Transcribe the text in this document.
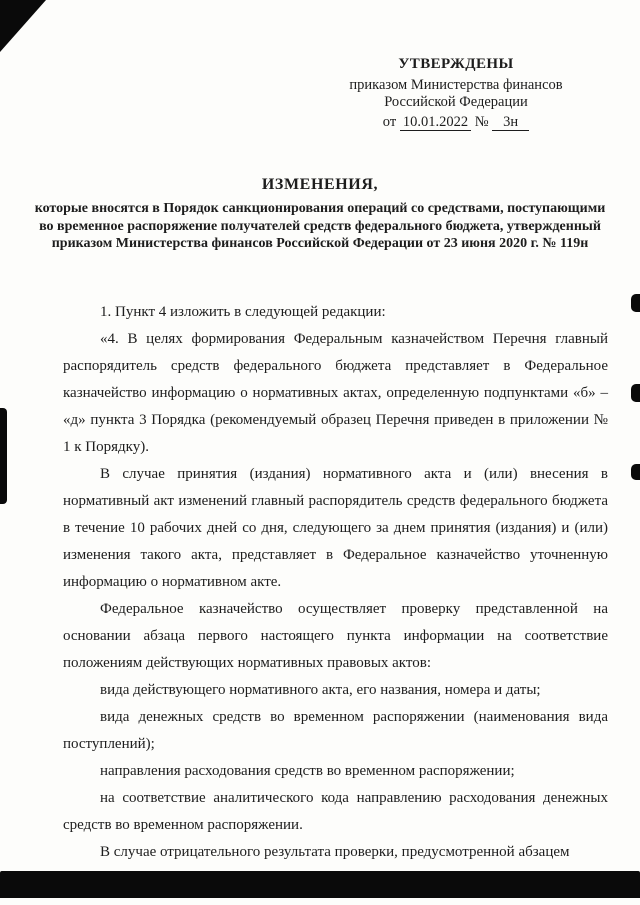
УТВЕРЖДЕНЫ
приказом Министерства финансов
Российской Федерации
от 10.01.2022 № 3н
ИЗМЕНЕНИЯ,

которые вносятся в Порядок санкционирования операций со средствами, поступающими во временное распоряжение получателей средств федерального бюджета, утвержденный приказом Министерства финансов Российской Федерации от 23 июня 2020 г. № 119н

1. Пункт 4 изложить в следующей редакции:

«4. В целях формирования Федеральным казначейством Перечня главный распорядитель средств федерального бюджета представляет в Федеральное казначейство информацию о нормативных актах, определенную подпунктами «б» – «д» пункта 3 Порядка (рекомендуемый образец Перечня приведен в приложении № 1 к Порядку).

В случае принятия (издания) нормативного акта и (или) внесения в нормативный акт изменений главный распорядитель средств федерального бюджета в течение 10 рабочих дней со дня, следующего за днем принятия (издания) и (или) изменения такого акта, представляет в Федеральное казначейство уточненную информацию о нормативном акте.

Федеральное казначейство осуществляет проверку представленной на основании абзаца первого настоящего пункта информации на соответствие положениям действующих нормативных правовых актов:

вида действующего нормативного акта, его названия, номера и даты;

вида денежных средств во временном распоряжении (наименования вида поступлений);

направления расходования средств во временном распоряжении;

на соответствие аналитического кода направлению расходования денежных средств во временном распоряжении.

В случае отрицательного результата проверки, предусмотренной абзацем
